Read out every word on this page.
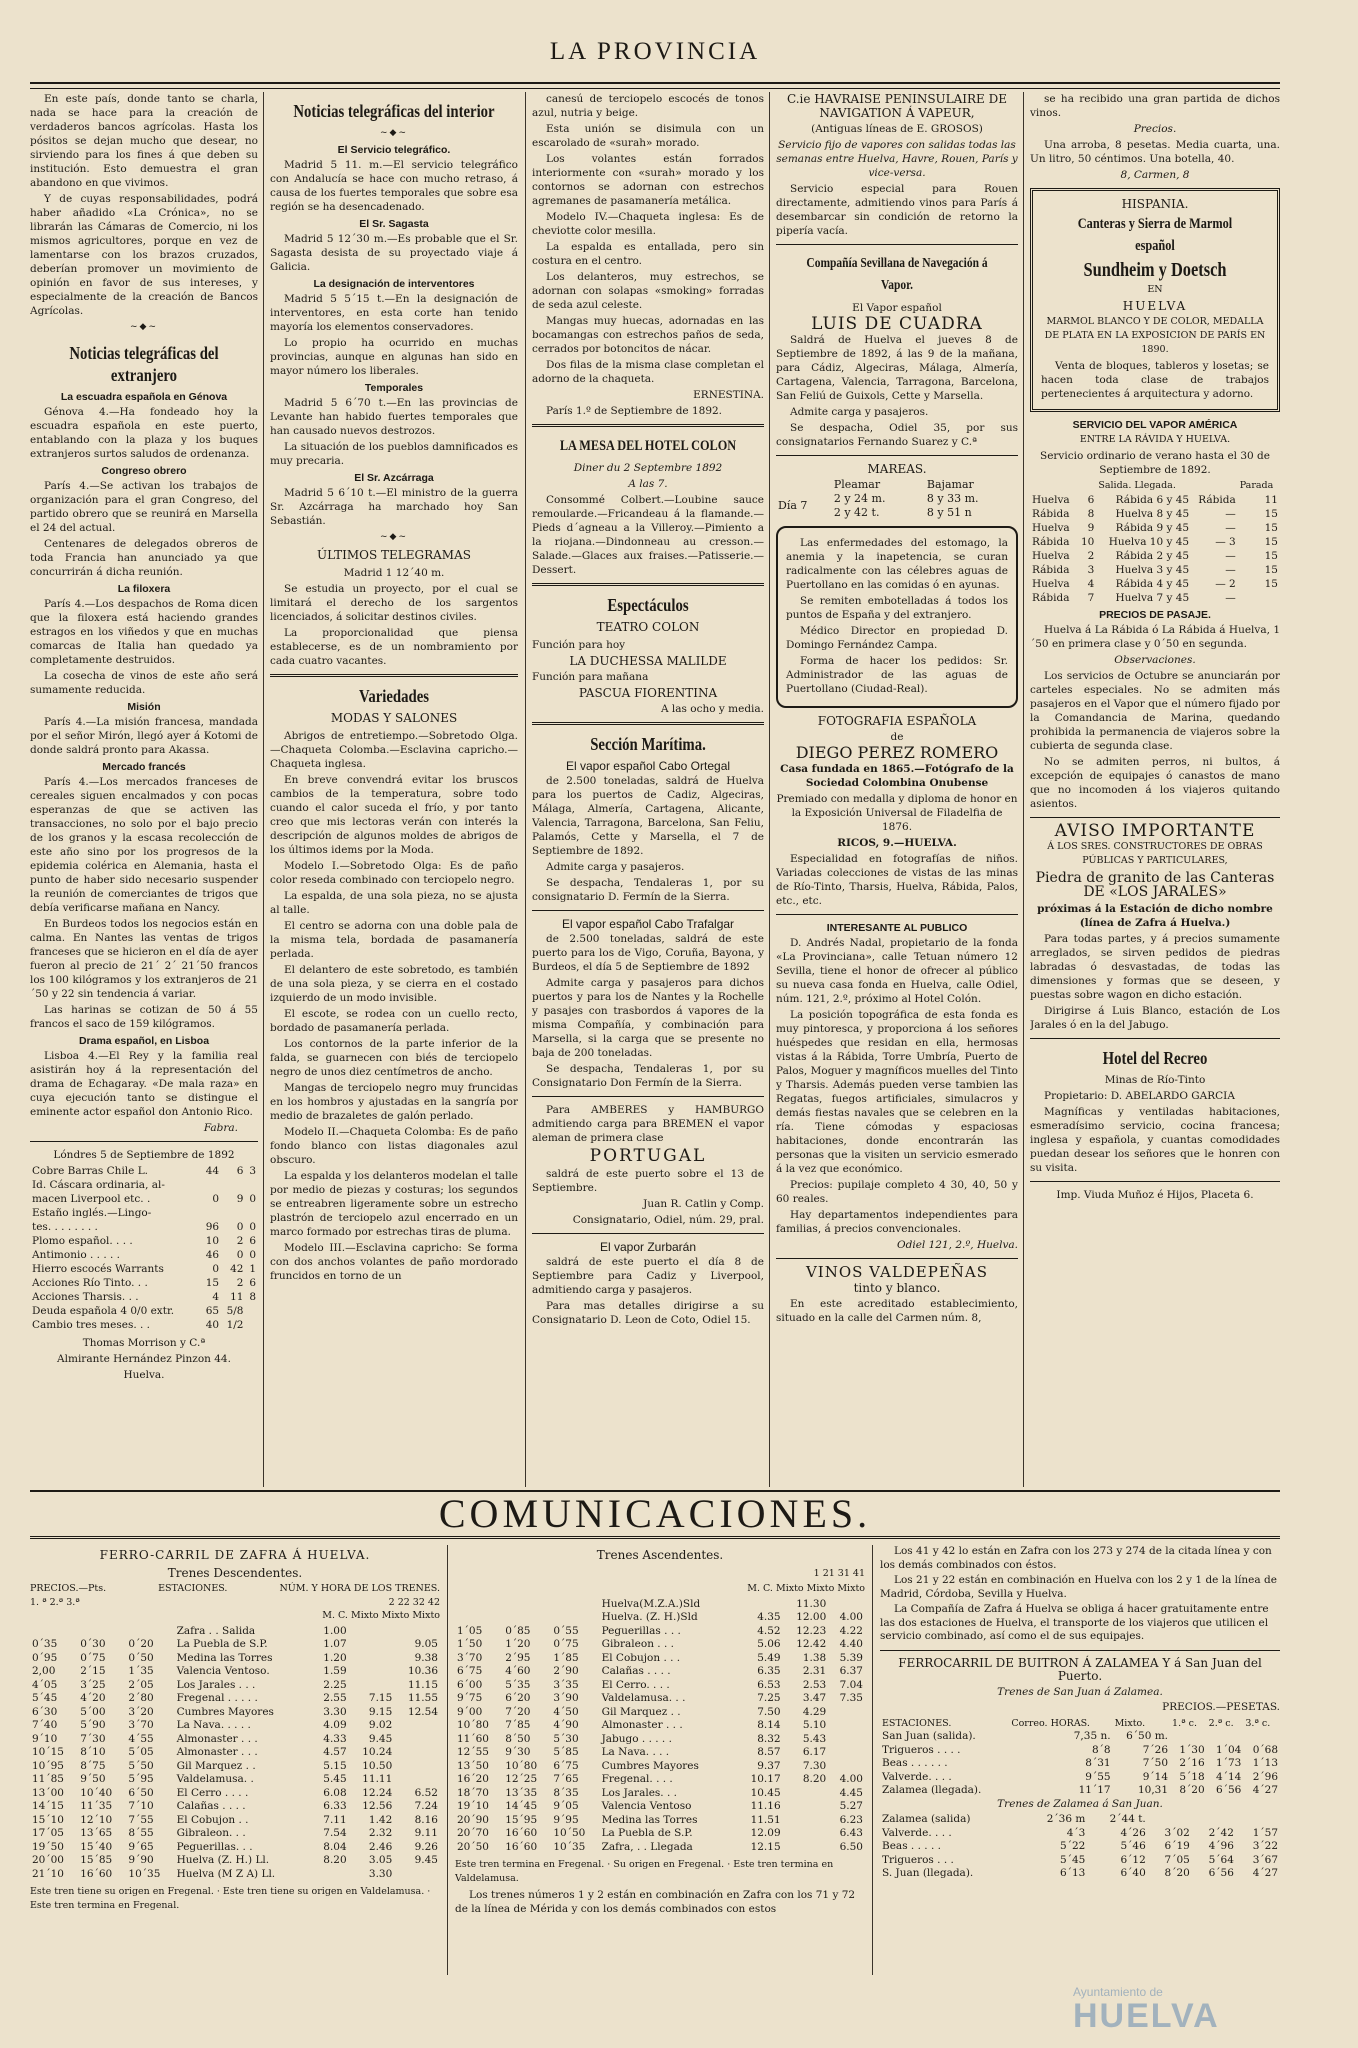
LA PROVINCIA

En este país, donde tanto se charla, nada se hace para la creación de verdaderos bancos agrícolas. Hasta los pósitos se dejan mucho que desear, no sirviendo para los fines á que deben su institución. Esto demuestra el gran abandono en que vivimos.

Y de cuyas responsabilidades, podrá haber añadido «La Crónica», no se librarán las Cámaras de Comercio, ni los mismos agricultores, porque en vez de lamentarse con los brazos cruzados, deberían promover un movimiento de opinión en favor de sus intereses, y especialmente de la creación de Bancos Agrícolas.

~◆~
Noticias telegráficas del extranjero
La escuadra española en Génova

Génova 4.—Ha fondeado hoy la escuadra española en este puerto, entablando con la plaza y los buques extranjeros surtos saludos de ordenanza.

Congreso obrero

París 4.—Se activan los trabajos de organización para el gran Congreso, del partido obrero que se reunirá en Marsella el 24 del actual.

Centenares de delegados obreros de toda Francia han anunciado ya que concurrirán á dicha reunión.

La filoxera

París 4.—Los despachos de Roma dicen que la filoxera está haciendo grandes estragos en los viñedos y que en muchas comarcas de Italia han quedado ya completamente destruidos.

La cosecha de vinos de este año será sumamente reducida.

Misión

París 4.—La misión francesa, mandada por el señor Mirón, llegó ayer á Kotomi de donde saldrá pronto para Akassa.

Mercado francés

París 4.—Los mercados franceses de cereales siguen encalmados y con pocas esperanzas de que se activen las transacciones, no solo por el bajo precio de los granos y la escasa recolección de este año sino por los progresos de la epidemia colérica en Alemania, hasta el punto de haber sido necesario suspender la reunión de comerciantes de trigos que debía verificarse mañana en Nancy.

En Burdeos todos los negocios están en calma. En Nantes las ventas de trigos franceses que se hicieron en el día de ayer fueron al precio de 21´ 2´ 21´50 francos los 100 kilógramos y los extranjeros de 21´50 y 22 sin tendencia á variar.

Las harinas se cotizan de 50 á 55 francos el saco de 159 kilógramos.

Drama español, en Lisboa

Lisboa 4.—El Rey y la familia real asistirán hoy á la representación del drama de Echagaray. «De mala raza» en cuya ejecución tanto se distingue el eminente actor español don Antonio Rico.

Fabra.

Lóndres 5 de Septiembre de 1892

Cobre Barras Chile L.	44	6	3
Id. Cáscara ordinaria, al-			
macen Liverpool etc. .	0	9	0
Estaño inglés.—Lingo-			
tes. . . . . . . .	96	0	0
Plomo español. . . .	10	2	6
Antimonio . . . . .	46	0	0
Hierro escocés Warrants	0	42	1
Acciones Río Tinto. . .	15	2	6
Acciones Tharsis. . .	4	11	8
Deuda española 4 0/0 extr.	65	5/8	
Cambio tres meses. . .	40	1/2	

Thomas Morrison y C.ª

Almirante Hernández Pinzon 44.

Huelva.

Noticias telegráficas del interior
~◆~
El Servicio telegráfico.

Madrid 5 11. m.—El servicio telegráfico con Andalucía se hace con mucho retraso, á causa de los fuertes temporales que sobre esa región se ha desencadenado.

El Sr. Sagasta

Madrid 5 12´30 m.—Es probable que el Sr. Sagasta desista de su proyectado viaje á Galicia.

La designación de interventores

Madrid 5 5´15 t.—En la designación de interventores, en esta corte han tenido mayoría los elementos conservadores.

Lo propio ha ocurrido en muchas provincias, aunque en algunas han sido en mayor número los liberales.

Temporales

Madrid 5 6´70 t.—En las provincias de Levante han habido fuertes temporales que han causado nuevos destrozos.

La situación de los pueblos damnificados es muy precaria.

El Sr. Azcárraga

Madrid 5 6´10 t.—El ministro de la guerra Sr. Azcárraga ha marchado hoy San Sebastián.

~◆~
ÚLTIMOS TELEGRAMAS

Madrid 1 12´40 m.

Se estudia un proyecto, por el cual se limitará el derecho de los sargentos licenciados, á solicitar destinos civiles.

La proporcionalidad que piensa establecerse, es de un nombramiento por cada cuatro vacantes.

Variedades
MODAS Y SALONES

Abrigos de entretiempo.—Sobretodo Olga.—Chaqueta Colomba.—Esclavina capricho.—Chaqueta inglesa.

En breve convendrá evitar los bruscos cambios de la temperatura, sobre todo cuando el calor suceda el frío, y por tanto creo que mis lectoras verán con interés la descripción de algunos moldes de abrigos de los últimos idems por la Moda.

Modelo I.—Sobretodo Olga: Es de paño color reseda combinado con terciopelo negro.

La espalda, de una sola pieza, no se ajusta al talle.

El centro se adorna con una doble pala de la misma tela, bordada de pasamanería perlada.

El delantero de este sobretodo, es también de una sola pieza, y se cierra en el costado izquierdo de un modo invisible.

El escote, se rodea con un cuello recto, bordado de pasamanería perlada.

Los contornos de la parte inferior de la falda, se guarnecen con biés de terciopelo negro de unos diez centímetros de ancho.

Mangas de terciopelo negro muy fruncidas en los hombros y ajustadas en la sangría por medio de brazaletes de galón perlado.

Modelo II.—Chaqueta Colomba: Es de paño fondo blanco con listas diagonales azul obscuro.

La espalda y los delanteros modelan el talle por medio de piezas y costuras; los segundos se entreabren ligeramente sobre un estrecho plastrón de terciopelo azul encerrado en un marco formado por estrechas tiras de pluma.

Modelo III.—Esclavina capricho: Se forma con dos anchos volantes de paño mordorado fruncidos en torno de un

canesú de terciopelo escocés de tonos azul, nutria y beige.

Esta unión se disimula con un escarolado de «surah» morado.

Los volantes están forrados interiormente con «surah» morado y los contornos se adornan con estrechos agremanes de pasamanería metálica.

Modelo IV.—Chaqueta inglesa: Es de cheviotte color mesilla.

La espalda es entallada, pero sin costura en el centro.

Los delanteros, muy estrechos, se adornan con solapas «smoking» forradas de seda azul celeste.

Mangas muy huecas, adornadas en las bocamangas con estrechos paños de seda, cerrados por botoncitos de nácar.

Dos filas de la misma clase completan el adorno de la chaqueta.

ERNESTINA.

París 1.º de Septiembre de 1892.

LA MESA DEL HOTEL COLON

Diner du 2 Septembre 1892

A las 7.

Consommé Colbert.—Loubine sauce remoularde.—Fricandeau á la flamande.—Pieds d´agneau a la Villeroy.—Pimiento a la riojana.—Dindonneau au cresson.—Salade.—Glaces aux fraises.—Patisserie.—Dessert.

Espectáculos

TEATRO COLON

Función para hoy

LA DUCHESSA MALILDE

Función para mañana

PASCUA FIORENTINA

A las ocho y media.

Sección Marítima.
El vapor español Cabo Ortegal

de 2.500 toneladas, saldrá de Huelva para los puertos de Cadiz, Algeciras, Málaga, Almería, Cartagena, Alicante, Valencia, Tarragona, Barcelona, San Feliu, Palamós, Cette y Marsella, el 7 de Septiembre de 1892.

Admite carga y pasajeros.

Se despacha, Tendaleras 1, por su consignatario D. Fermín de la Sierra.

El vapor español Cabo Trafalgar

de 2.500 toneladas, saldrá de este puerto para los de Vigo, Coruña, Bayona, y Burdeos, el día 5 de Septiembre de 1892

Admite carga y pasajeros para dichos puertos y para los de Nantes y la Rochelle y pasajes con trasbordos á vapores de la misma Compañía, y combinación para Marsella, si la carga que se presente no baja de 200 toneladas.

Se despacha, Tendaleras 1, por su Consignatario Don Fermín de la Sierra.

Para AMBERES y HAMBURGO admitiendo carga para BREMEN el vapor aleman de primera clase

PORTUGAL

saldrá de este puerto sobre el 13 de Septiembre.

Juan R. Catlin y Comp.

Consignatario, Odiel, núm. 29, pral.

El vapor Zurbarán

saldrá de este puerto el día 8 de Septiembre para Cadiz y Liverpool, admitiendo carga y pasajeros.

Para mas detalles dirigirse a su Consignatario D. Leon de Coto, Odiel 15.

C.ie HAVRAISE PENINSULAIRE DE NAVIGATION Á VAPEUR,

(Antiguas líneas de E. GROSOS)

Servicio fijo de vapores con salidas todas las semanas entre Huelva, Havre, Rouen, París y vice-versa.

Servicio especial para Rouen directamente, admitiendo vinos para París á desembarcar sin condición de retorno la pipería vacía.

Compañía Sevillana de Navegación á Vapor.

El Vapor español

LUIS DE CUADRA

Saldrá de Huelva el jueves 8 de Septiembre de 1892, á las 9 de la mañana, para Cádiz, Algeciras, Málaga, Almería, Cartagena, Valencia, Tarragona, Barcelona, San Feliú de Guixols, Cette y Marsella.

Admite carga y pasajeros.

Se despacha, Odiel 35, por sus consignatarios Fernando Suarez y C.ª

MAREAS.

	Pleamar	Bajamar
Día 7	2 y 24 m.	8 y 33 m.
	2 y 42 t.	8 y 51 n

Las enfermedades del estomago, la anemia y la inapetencia, se curan radicalmente con las célebres aguas de Puertollano en las comidas ó en ayunas.

Se remiten embotelladas á todos los puntos de España y del extranjero.

Médico Director en propiedad D. Domingo Fernández Campa.

Forma de hacer los pedidos: Sr. Administrador de las aguas de Puertollano (Ciudad-Real).

FOTOGRAFIA ESPAÑOLA

de

DIEGO PEREZ ROMERO

Casa fundada en 1865.—Fotógrafo de la Sociedad Colombina Onubense

Premiado con medalla y diploma de honor en la Exposición Universal de Filadelfia de 1876.

RICOS, 9.—HUELVA.

Especialidad en fotografías de niños. Variadas colecciones de vistas de las minas de Río-Tinto, Tharsis, Huelva, Rábida, Palos, etc., etc.

INTERESANTE AL PUBLICO

D. Andrés Nadal, propietario de la fonda «La Provinciana», calle Tetuan número 12 Sevilla, tiene el honor de ofrecer al público su nueva casa fonda en Huelva, calle Odiel, núm. 121, 2.º, próximo al Hotel Colón.

La posición topográfica de esta fonda es muy pintoresca, y proporciona á los señores huéspedes que residan en ella, hermosas vistas á la Rábida, Torre Umbría, Puerto de Palos, Moguer y magníficos muelles del Tinto y Tharsis. Además pueden verse tambien las Regatas, fuegos artificiales, simulacros y demás fiestas navales que se celebren en la ría. Tiene cómodas y espaciosas habitaciones, donde encontrarán las personas que la visiten un servicio esmerado á la vez que económico.

Precios: pupilaje completo 4 30, 40, 50 y 60 reales.

Hay departamentos independientes para familias, á precios convencionales.

Odiel 121, 2.º, Huelva.

VINOS VALDEPEÑAS

tinto y blanco.

En este acreditado establecimiento, situado en la calle del Carmen núm. 8,

se ha recibido una gran partida de dichos vinos.

Precios.

Una arroba, 8 pesetas. Media cuarta, una. Un litro, 50 céntimos. Una botella, 40.

8, Carmen, 8

HISPANIA.

Canteras y Sierra de Marmol español

Sundheim y Doetsch

EN

HUELVA

MARMOL BLANCO Y DE COLOR, MEDALLA DE PLATA EN LA EXPOSICION DE PARÍS EN 1890.

Venta de bloques, tableros y losetas; se hacen toda clase de trabajos pertenecientes á arquitectura y adorno.

SERVICIO DEL VAPOR AMÉRICA

ENTRE LA RÁVIDA Y HUELVA.

Servicio ordinario de verano hasta el 30 de Septiembre de 1892.

		Salida. Llegada.		Parada
Huelva	6	Rábida 6 y 45	Rábida	11
Rábida	8	Huelva 8 y 45	—	15
Huelva	9	Rábida 9 y 45	—	15
Rábida	10	Huelva 10 y 45	— 3	15
Huelva	2	Rábida 2 y 45	—	15
Rábida	3	Huelva 3 y 45	—	15
Huelva	4	Rábida 4 y 45	— 2	15
Rábida	7	Huelva 7 y 45	—	
PRECIOS DE PASAJE.

Huelva á La Rábida ó La Rábida á Huelva, 1´50 en primera clase y 0´50 en segunda.

Observaciones.

Los servicios de Octubre se anunciarán por carteles especiales. No se admiten más pasajeros en el Vapor que el número fijado por la Comandancia de Marina, quedando prohibida la permanencia de viajeros sobre la cubierta de segunda clase.

No se admiten perros, ni bultos, á excepción de equipajes ó canastos de mano que no incomoden á los viajeros quitando asientos.

AVISO IMPORTANTE

Á LOS SRES. CONSTRUCTORES DE OBRAS PÚBLICAS Y PARTICULARES,

Piedra de granito de las Canteras DE «LOS JARALES»

próximas á la Estación de dicho nombre (línea de Zafra á Huelva.)

Para todas partes, y á precios sumamente arreglados, se sirven pedidos de piedras labradas ó desvastadas, de todas las dimensiones y formas que se deseen, y puestas sobre wagon en dicho estación.

Dirigirse á Luis Blanco, estación de Los Jarales ó en la del Jabugo.

Hotel del Recreo

Minas de Río-Tinto

Propietario: D. ABELARDO GARCIA

Magníficas y ventiladas habitaciones, esmeradísimo servicio, cocina francesa; inglesa y española, y cuantas comodidades puedan desear los señores que le honren con su visita.

Imp. Viuda Muñoz é Hijos, Placeta 6.

COMUNICACIONES.

FERRO-CARRIL DE ZAFRA Á HUELVA.

Trenes Descendentes.

PRECIOS.—Pts.	ESTACIONES.	NÚM. Y HORA DE LOS TRENES.
1. ª 2.ª 3.ª	2 22 32 42

M. C. Mixto Mixto Mixto

			Zafra . . Salida	1.00		
0´35	0´30	0´20	La Puebla de S.P.	1.07		9.05
0´95	0´75	0´50	Medina las Torres	1.20		9.38
2,00	2´15	1´35	Valencia Ventoso.	1.59		10.36
4´05	3´25	2´05	Los Jarales . . .	2.25		11.15
5´45	4´20	2´80	Fregenal . . . . .	2.55	7.15	11.55
6´30	5´00	3´20	Cumbres Mayores	3.30	9.15	12.54
7´40	5´90	3´70	La Nava. . . . .	4.09	9.02	
9´10	7´30	4´55	Almonaster . . .	4.33	9.45	
10´15	8´10	5´05	Almonaster . . .	4.57	10.24	
10´95	8´75	5´50	Gil Marquez . .	5.15	10.50	
11´85	9´50	5´95	Valdelamusa. .	5.45	11.11	
13´00	10´40	6´50	El Cerro . . . .	6.08	12.24	6.52
14´15	11´35	7´10	Calañas . . . .	6.33	12.56	7.24
15´10	12´10	7´55	El Cobujon . .	7.11	1.42	8.16
17´05	13´65	8´55	Gibraleon. . .	7.54	2.32	9.11
19´50	15´40	9´65	Peguerillas. . .	8.04	2.46	9.26
20´00	15´85	9´90	Huelva (Z. H.) Ll.	8.20	3.05	9.45
21´10	16´60	10´35	Huelva (M Z A) Ll.		3.30	
Este tren tiene su origen en Fregenal. · Este tren tiene su origen en Valdelamusa. · Este tren termina en Fregenal.

Trenes Ascendentes.

1 21 31 41

M. C. Mixto Mixto Mixto

			Huelva(M.Z.A.)Sld		11.30	
			Huelva. (Z. H.)Sld	4.35	12.00	4.00
1´05	0´85	0´55	Peguerillas . . .	4.52	12.23	4.22
1´50	1´20	0´75	Gibraleon . . .	5.06	12.42	4.40
3´70	2´95	1´85	El Cobujon . . .	5.49	1.38	5.39
6´75	4´60	2´90	Calañas . . . .	6.35	2.31	6.37
6´00	5´35	3´35	El Cerro. . . .	6.53	2.53	7.04
9´75	6´20	3´90	Valdelamusa. . .	7.25	3.47	7.35
9´00	7´20	4´50	Gil Marquez . .	7.50	4.29	
10´80	7´85	4´90	Almonaster . . .	8.14	5.10	
11´60	8´50	5´30	Jabugo . . . . .	8.32	5.43	
12´55	9´30	5´85	La Nava. . . .	8.57	6.17	
13´50	10´80	6´75	Cumbres Mayores	9.37	7.30	
16´20	12´25	7´65	Fregenal. . . .	10.17	8.20	4.00
18´70	13´35	8´35	Los Jarales. . .	10.45		4.45
19´10	14´45	9´05	Valencia Ventoso	11.16		5.27
20´90	15´95	9´95	Medina las Torres	11.51		6.23
20´70	16´60	10´50	La Puebla de S.P.	12.09		6.43
20´50	16´60	10´35	Zafra, . . Llegada	12.15		6.50
Este tren termina en Fregenal. · Su origen en Fregenal. · Este tren termina en Valdelamusa.

Los trenes números 1 y 2 están en combinación en Zafra con los 71 y 72 de la línea de Mérida y con los demás combinados con estos

Los 41 y 42 lo están en Zafra con los 273 y 274 de la citada línea y con los demás combinados con éstos.

Los 21 y 22 están en combinación en Huelva con los 2 y 1 de la línea de Madrid, Córdoba, Sevilla y Huelva.

La Compañía de Zafra á Huelva se obliga á hacer gratuitamente entre las dos estaciones de Huelva, el transporte de los viajeros que utilicen el servicio combinado, así como el de sus equipajes.

FERROCARRIL DE BUITRON Á ZALAMEA Y á San Juan del Puerto.

Trenes de San Juan á Zalamea.

PRECIOS.—PESETAS.

ESTACIONES.	Correo. HORAS.	Mixto.	1.ª c.	2.ª c.	3.ª c.
San Juan (salida).	7,35 n.	6´50 m.			
Trigueros . . . .	8´8	7´26	1´30	1´04	0´68
Beas . . . . . .	8´31	7´50	2´16	1´73	1´13
Valverde. . . .	9´55	9´14	5´18	4´14	2´96
Zalamea (llegada).	11´17	10,31	8´20	6´56	4´27

Trenes de Zalamea á San Juan.

Zalamea (salida)	2´36 m	2´44 t.			
Valverde. . . .	4´3	4´26	3´02	2´42	1´57
Beas . . . . .	5´22	5´46	6´19	4´96	3´22
Trigueros . . .	5´45	6´12	7´05	5´64	3´67
S. Juan (llegada).	6´13	6´40	8´20	6´56	4´27
Ayuntamiento de
HUELVA
